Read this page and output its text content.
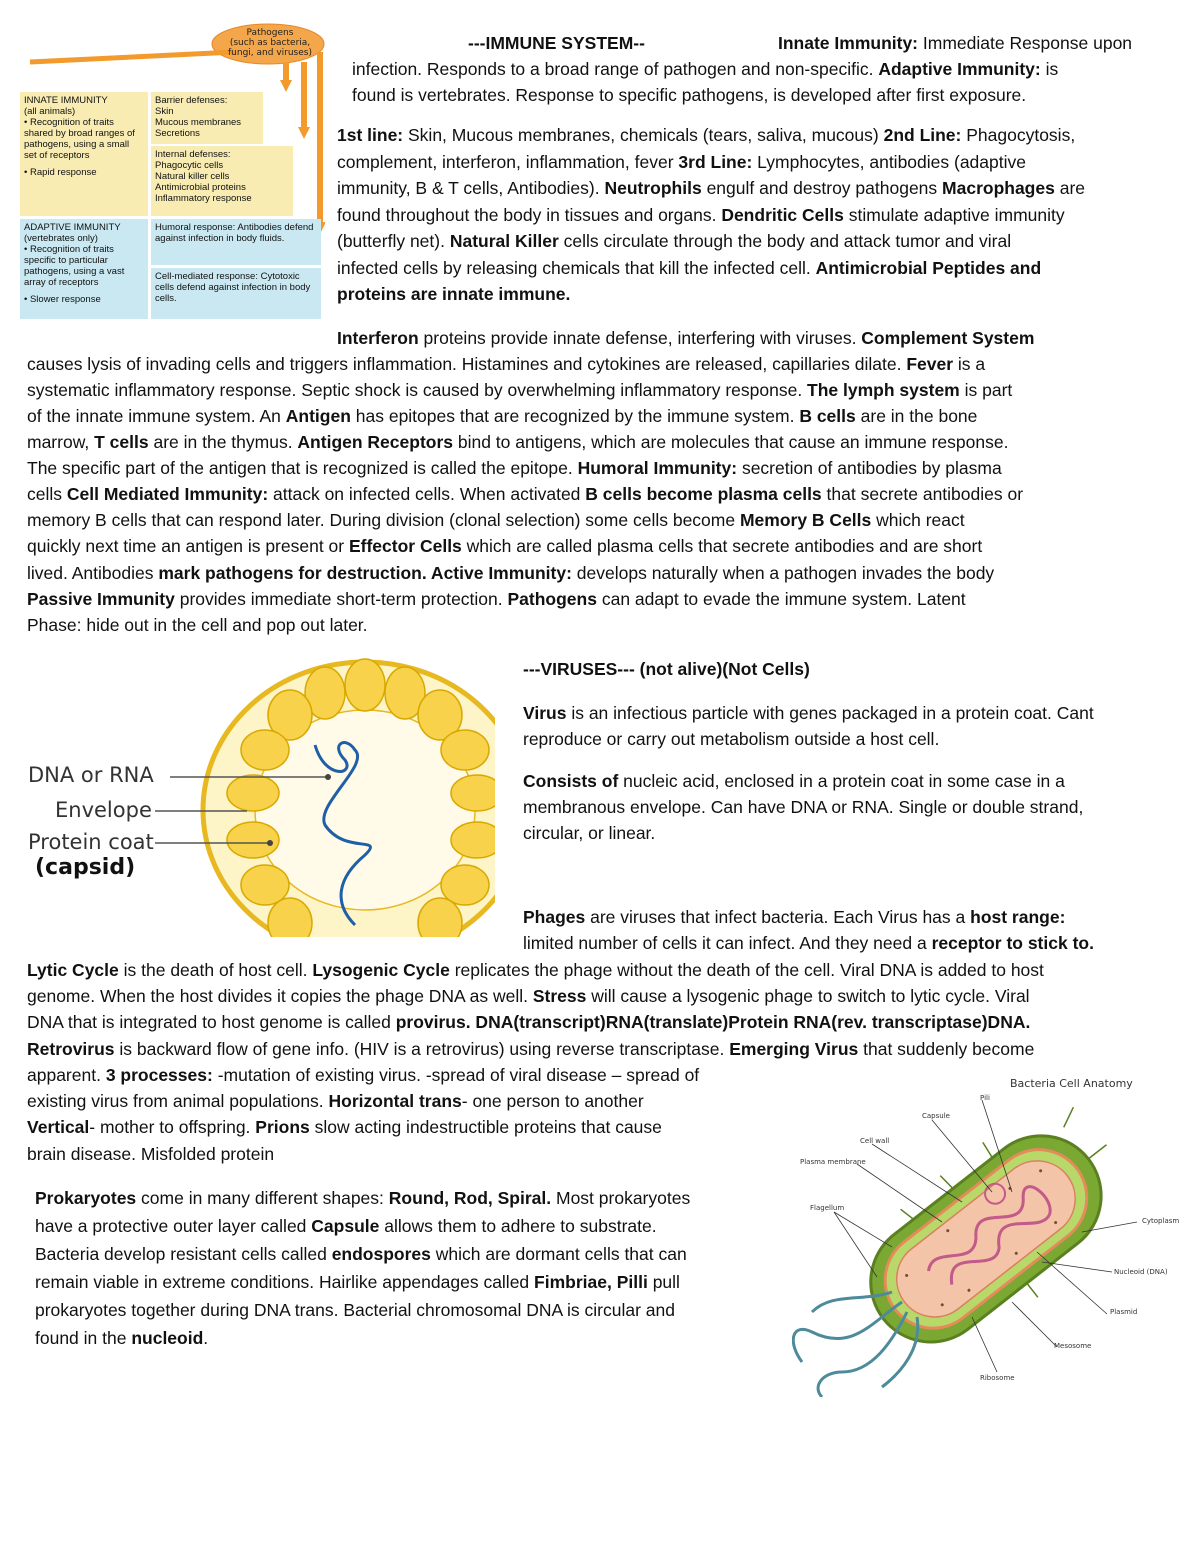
Pathogens
(such as bacteria,
fungi, and viruses)
INNATE IMMUNITY
(all animals)
• Recognition of traits shared by broad ranges of pathogens, using a small set of receptors
• Rapid response
Barrier defenses:
Skin
Mucous membranes
Secretions
Internal defenses:
Phagocytic cells
Natural killer cells
Antimicrobial proteins
Inflammatory response
ADAPTIVE IMMUNITY
(vertebrates only)
• Recognition of traits specific to particular pathogens, using a vast array of receptors
• Slower response
Humoral response: Antibodies defend against infection in body fluids.
Cell-mediated response: Cytotoxic cells defend against infection in body cells.
---IMMUNE SYSTEM--	Innate Immunity: Immediate Response upon
infection. Responds to a broad range of pathogen and non-specific. Adaptive Immunity: is
found is vertebrates. Response to specific pathogens, is developed after first exposure.
1st line: Skin, Mucous membranes, chemicals (tears, saliva, mucous) 2nd Line: Phagocytosis,
complement, interferon, inflammation, fever 3rd Line: Lymphocytes, antibodies (adaptive
immunity, B & T cells, Antibodies). Neutrophils engulf and destroy pathogens Macrophages are
found throughout the body in tissues and organs. Dendritic Cells stimulate adaptive immunity
(butterfly net). Natural Killer cells circulate through the body and attack tumor and viral
infected cells by releasing chemicals that kill the infected cell. Antimicrobial Peptides and
proteins are innate immune.
Interferon proteins provide innate defense, interfering with viruses. Complement System
causes lysis of invading cells and triggers inflammation. Histamines and cytokines are released, capillaries dilate. Fever is a
systematic inflammatory response. Septic shock is caused by overwhelming inflammatory response. The lymph system is part
of the innate immune system. An Antigen has epitopes that are recognized by the immune system. B cells are in the bone
marrow, T cells are in the thymus. Antigen Receptors bind to antigens, which are molecules that cause an immune response.
The specific part of the antigen that is recognized is called the epitope. Humoral Immunity: secretion of antibodies by plasma
cells Cell Mediated Immunity: attack on infected cells. When activated B cells become plasma cells that secrete antibodies or
memory B cells that can respond later. During division (clonal selection) some cells become Memory B Cells which react
quickly next time an antigen is present or Effector Cells which are called plasma cells that secrete antibodies and are short
lived. Antibodies mark pathogens for destruction. Active Immunity: develops naturally when a pathogen invades the body
Passive Immunity provides immediate short-term protection. Pathogens can adapt to evade the immune system. Latent
Phase: hide out in the cell and pop out later.
DNA or RNA
Envelope
Protein coat
(capsid)
---VIRUSES--- (not alive)(Not Cells)
Virus is an infectious particle with genes packaged in a protein coat. Cant
reproduce or carry out metabolism outside a host cell.
Consists of nucleic acid, enclosed in a protein coat in some case in a
membranous envelope. Can have DNA or RNA. Single or double strand,
circular, or linear.
Phages are viruses that infect bacteria. Each Virus has a host range:
limited number of cells it can infect. And they need a receptor to stick to.
Lytic Cycle is the death of host cell. Lysogenic Cycle replicates the phage without the death of the cell. Viral DNA is added to host
genome. When the host divides it copies the phage DNA as well. Stress will cause a lysogenic phage to switch to lytic cycle. Viral
DNA that is integrated to host genome is called provirus. DNA(transcript)RNA(translate)Protein RNA(rev. transcriptase)DNA.
Retrovirus is backward flow of gene info. (HIV is a retrovirus) using reverse transcriptase. Emerging Virus that suddenly become
apparent. 3 processes: -mutation of existing virus. -spread of viral disease – spread of
existing virus from animal populations. Horizontal trans- one person to another
Vertical- mother to offspring. Prions slow acting indestructible proteins that cause
brain disease. Misfolded protein
Prokaryotes come in many different shapes: Round, Rod, Spiral. Most prokaryotes
have a protective outer layer called Capsule allows them to adhere to substrate.
Bacteria develop resistant cells called endospores which are dormant cells that can
remain viable in extreme conditions. Hairlike appendages called Fimbriae, Pilli pull
prokaryotes together during DNA trans. Bacterial chromosomal DNA is circular and
found in the nucleoid.
Bacteria Cell Anatomy
Pili
Capsule
Cell wall
Plasma membrane
Flagellum
Cytoplasm
Nucleoid (DNA)
Plasmid
Mesosome
Ribosome
